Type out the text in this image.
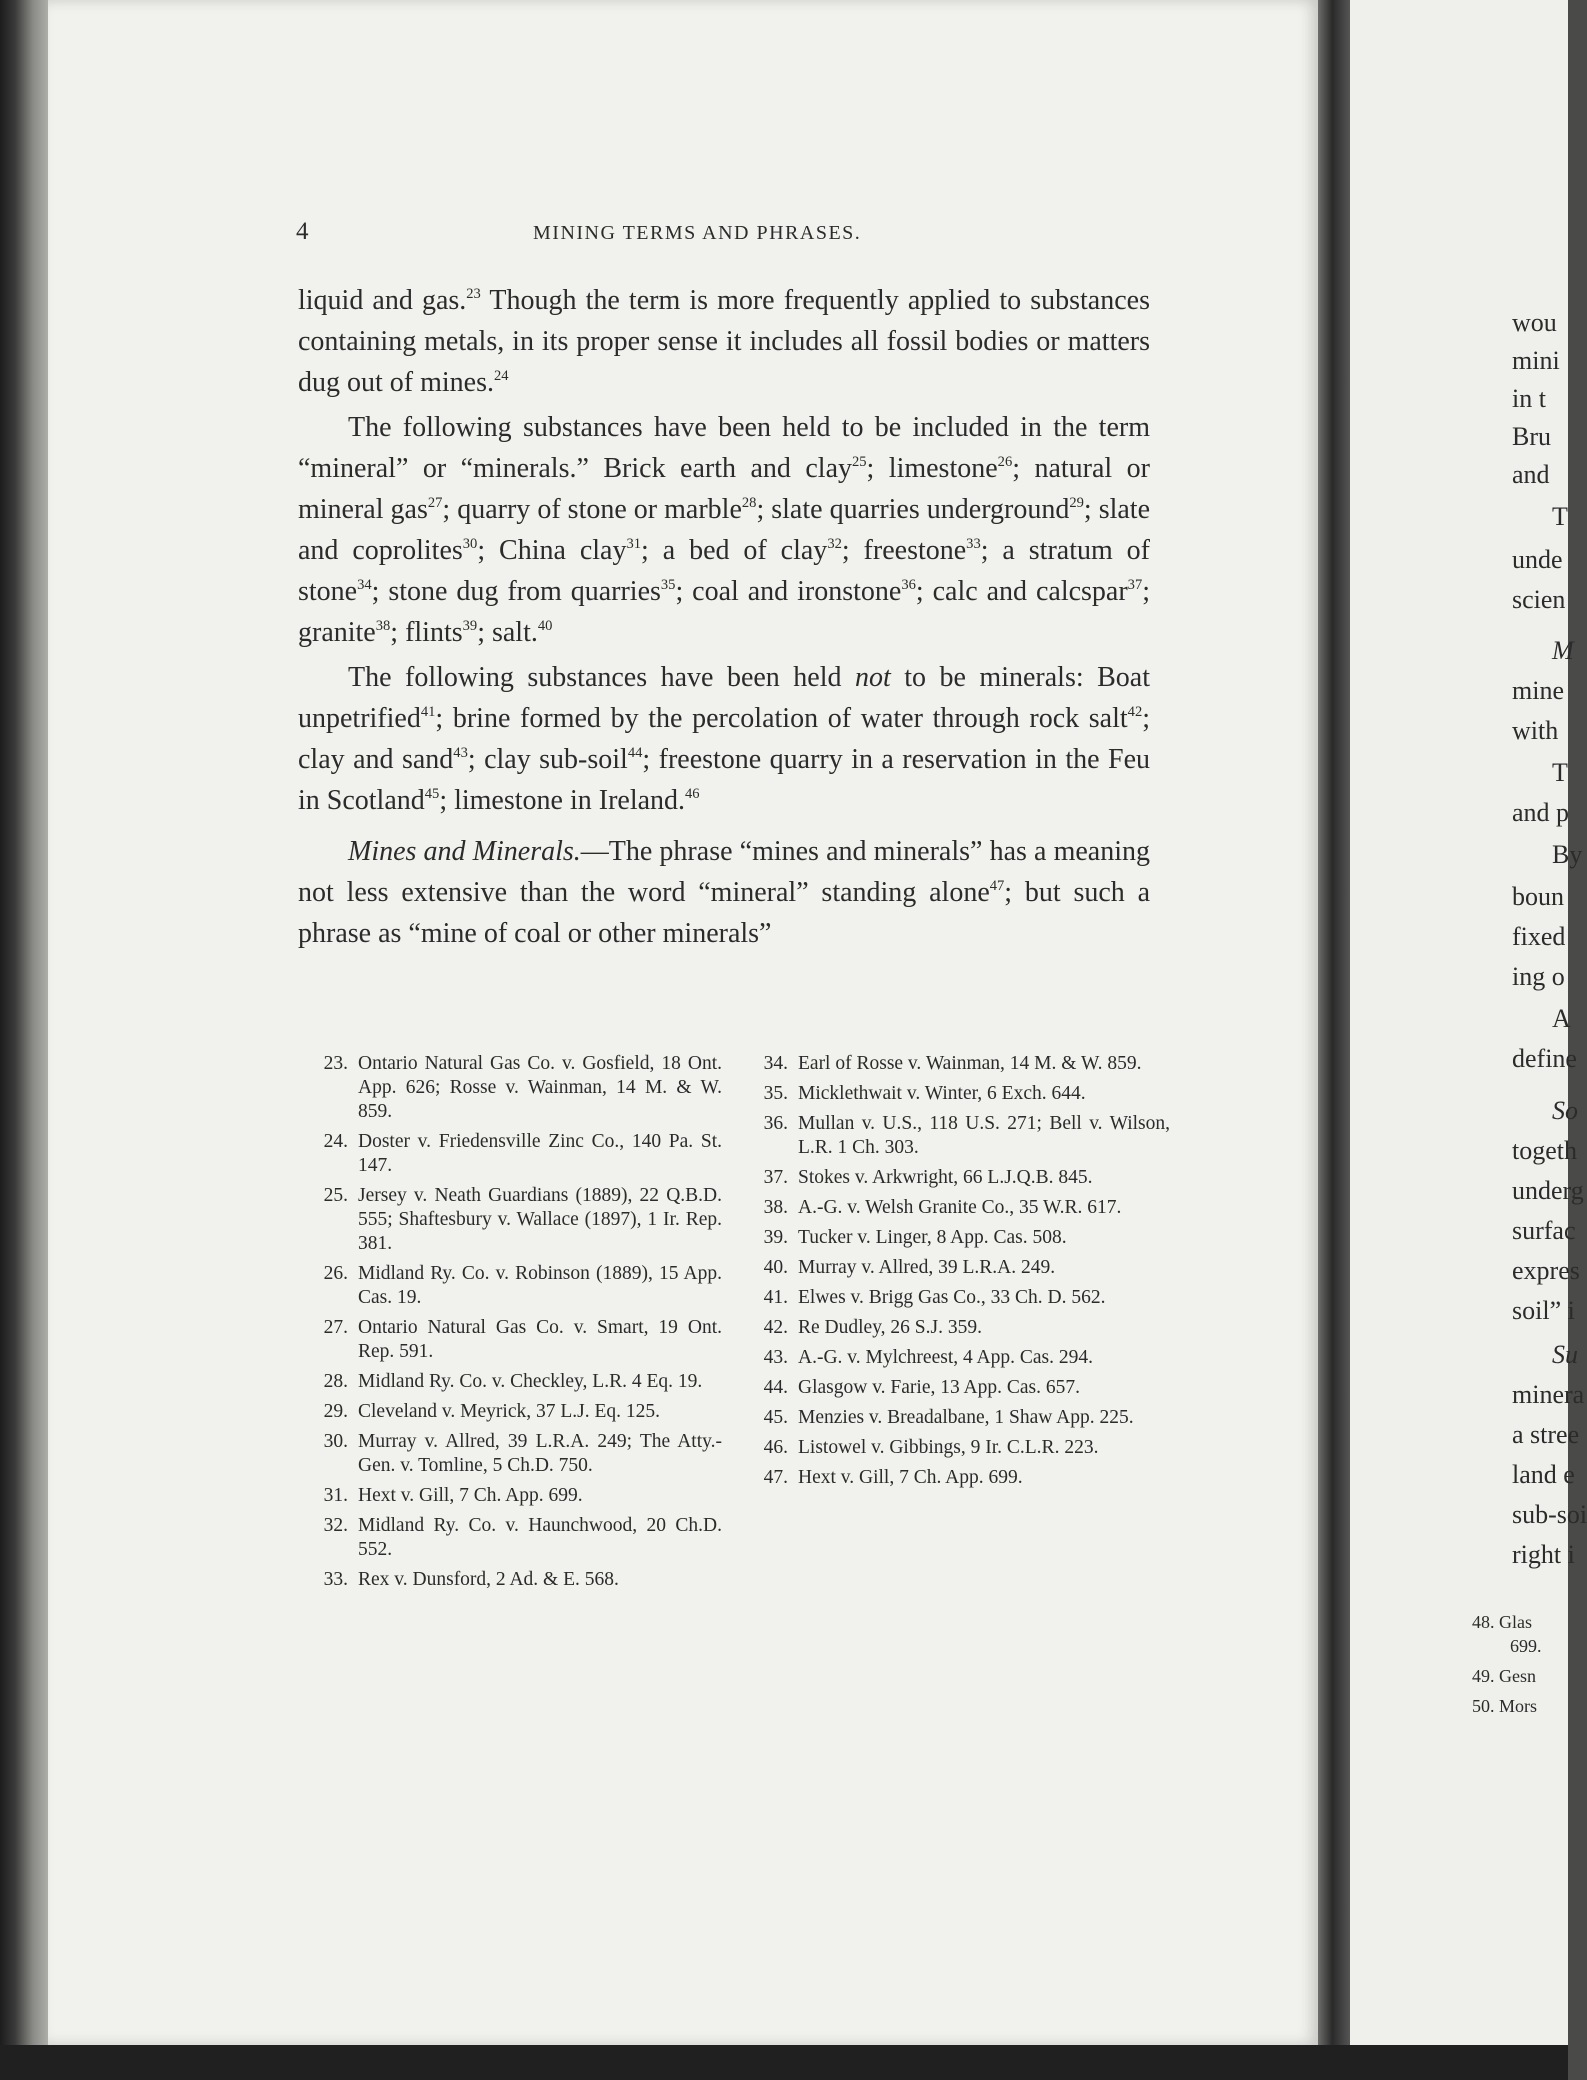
wou
mini
in t
Bru
and
T
unde
scien
M
mine
with
T
and p
By
boun
fixed
ing o
A
define
So
togeth
underg
surfac
expres
soil” i
Su
minera
a stree
land e
sub-soi
right i
48. Glas
699.
49. Gesn
50. Mors
4	MINING TERMS AND PHRASES.

liquid and gas.$^{23}$ Though the term is more frequently applied to substances containing metals, in its proper sense it includes all fossil bodies or matters dug out of mines.$^{24}$

The following substances have been held to be included in the term “mineral” or “minerals.” Brick earth and clay$^{25}$; limestone$^{26}$; natural or mineral gas$^{27}$; quarry of stone or marble$^{28}$; slate quarries underground$^{29}$; slate and coprolites$^{30}$; China clay$^{31}$; a bed of clay$^{32}$; freestone$^{33}$; a stratum of stone$^{34}$; stone dug from quarries$^{35}$; coal and ironstone$^{36}$; calc and calcspar$^{37}$; granite$^{38}$; flints$^{39}$; salt.$^{40}$

The following substances have been held not to be minerals: Boat unpetrified$^{41}$; brine formed by the percolation of water through rock salt$^{42}$; clay and sand$^{43}$; clay sub-soil$^{44}$; freestone quarry in a reservation in the Feu in Scotland$^{45}$; limestone in Ireland.$^{46}$

Mines and Minerals.—The phrase “mines and minerals” has a meaning not less extensive than the word “mineral” standing alone$^{47}$; but such a phrase as “mine of coal or other minerals”

23. Ontario Natural Gas Co. v. Gosfield, 18 Ont. App. 626; Rosse v. Wainman, 14 M. & W. 859.
24. Doster v. Friedensville Zinc Co., 140 Pa. St. 147.
25. Jersey v. Neath Guardians (1889), 22 Q.B.D. 555; Shaftesbury v. Wallace (1897), 1 Ir. Rep. 381.
26. Midland Ry. Co. v. Robinson (1889), 15 App. Cas. 19.
27. Ontario Natural Gas Co. v. Smart, 19 Ont. Rep. 591.
28. Midland Ry. Co. v. Checkley, L.R. 4 Eq. 19.
29. Cleveland v. Meyrick, 37 L.J. Eq. 125.
30. Murray v. Allred, 39 L.R.A. 249; The Atty.-Gen. v. Tomline, 5 Ch.D. 750.
31. Hext v. Gill, 7 Ch. App. 699.
32. Midland Ry. Co. v. Haunchwood, 20 Ch.D. 552.
33. Rex v. Dunsford, 2 Ad. & E. 568.
34. Earl of Rosse v. Wainman, 14 M. & W. 859.
35. Micklethwait v. Winter, 6 Exch. 644.
36. Mullan v. U.S., 118 U.S. 271; Bell v. Wilson, L.R. 1 Ch. 303.
37. Stokes v. Arkwright, 66 L.J.Q.B. 845.
38. A.-G. v. Welsh Granite Co., 35 W.R. 617.
39. Tucker v. Linger, 8 App. Cas. 508.
40. Murray v. Allred, 39 L.R.A. 249.
41. Elwes v. Brigg Gas Co., 33 Ch. D. 562.
42. Re Dudley, 26 S.J. 359.
43. A.-G. v. Mylchreest, 4 App. Cas. 294.
44. Glasgow v. Farie, 13 App. Cas. 657.
45. Menzies v. Breadalbane, 1 Shaw App. 225.
46. Listowel v. Gibbings, 9 Ir. C.L.R. 223.
47. Hext v. Gill, 7 Ch. App. 699.
